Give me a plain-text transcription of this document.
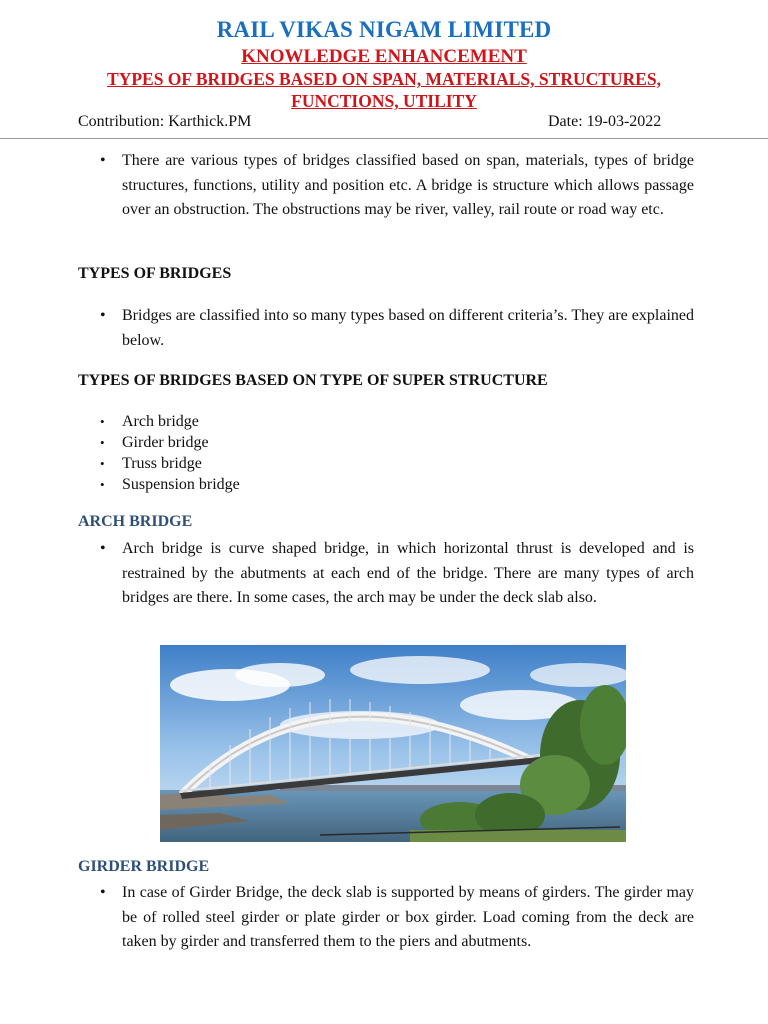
RAIL VIKAS NIGAM LIMITED
KNOWLEDGE ENHANCEMENT
TYPES OF BRIDGES BASED ON SPAN, MATERIALS, STRUCTURES, FUNCTIONS, UTILITY
Contribution: Karthick.PM	Date: 19-03-2022
• There are various types of bridges classified based on span, materials, types of bridge structures, functions, utility and position etc. A bridge is structure which allows passage over an obstruction. The obstructions may be river, valley, rail route or road way etc.
TYPES OF BRIDGES
• Bridges are classified into so many types based on different criteria’s. They are explained below.
TYPES OF BRIDGES BASED ON TYPE OF SUPER STRUCTURE
• Arch bridge
• Girder bridge
• Truss bridge
• Suspension bridge
ARCH BRIDGE
• Arch bridge is curve shaped bridge, in which horizontal thrust is developed and is restrained by the abutments at each end of the bridge. There are many types of arch bridges are there. In some cases, the arch may be under the deck slab also.
GIRDER BRIDGE
• In case of Girder Bridge, the deck slab is supported by means of girders. The girder may be of rolled steel girder or plate girder or box girder. Load coming from the deck are taken by girder and transferred them to the piers and abutments.
